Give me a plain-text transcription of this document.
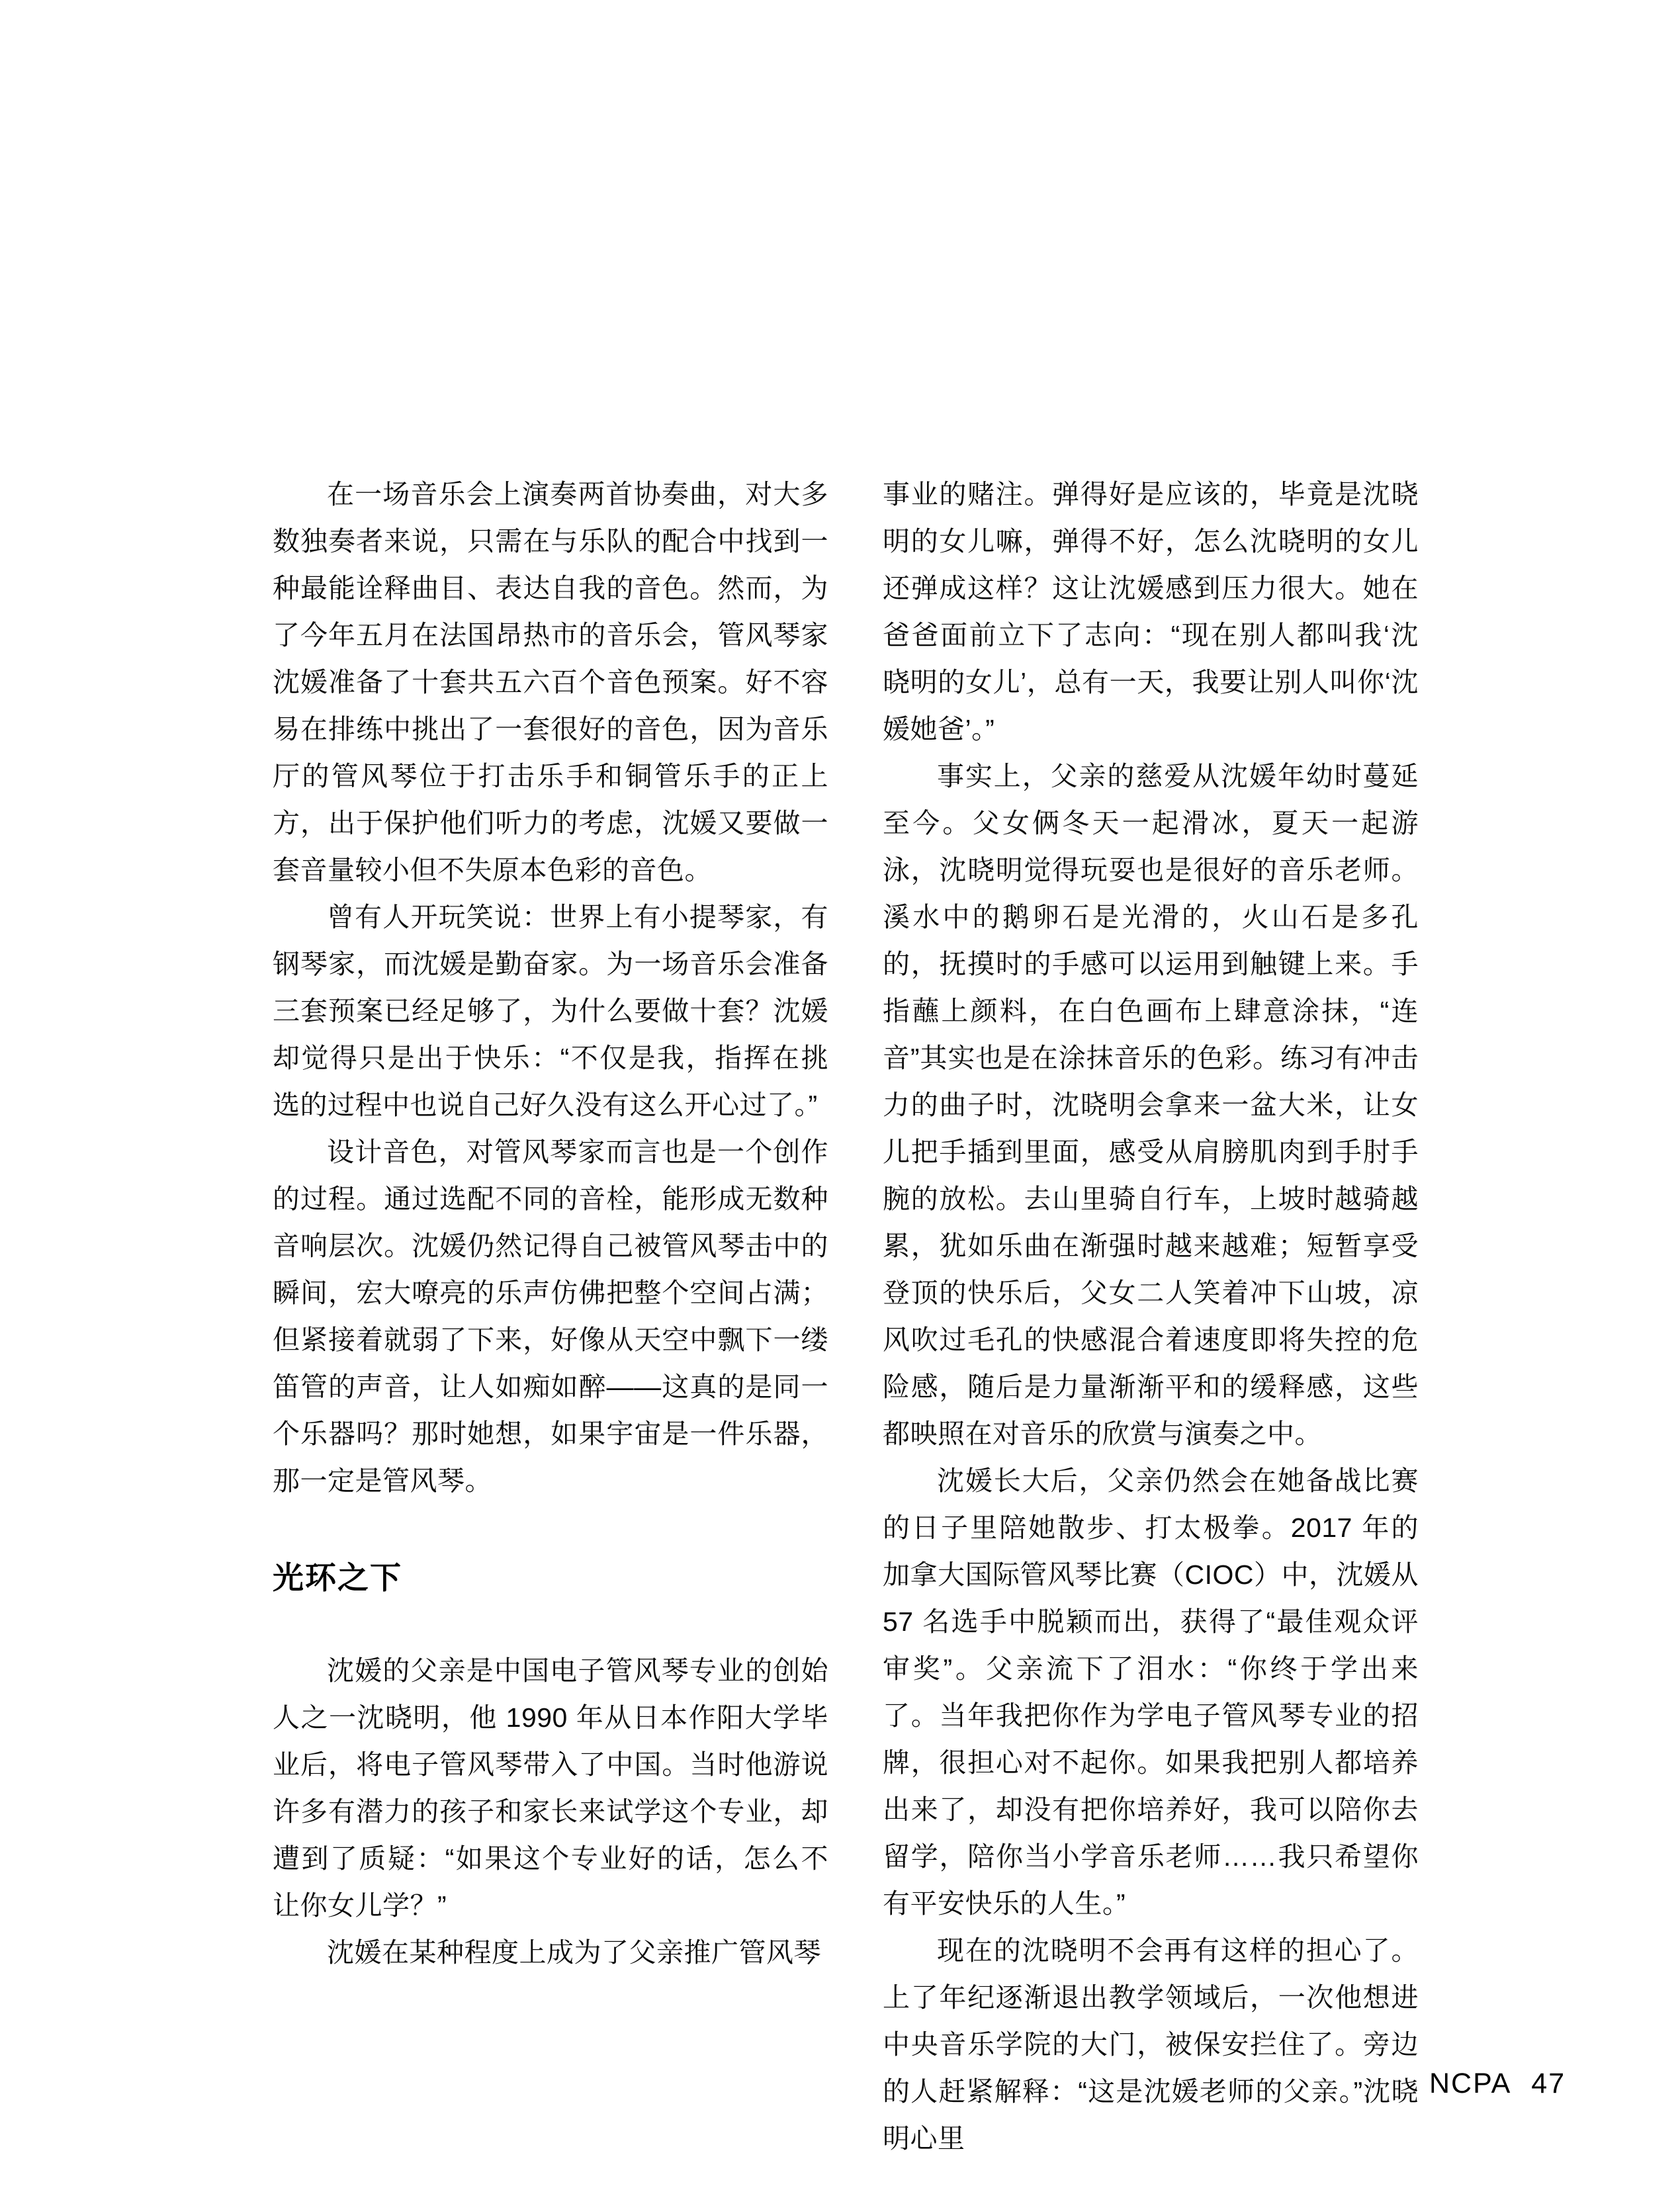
在一场音乐会上演奏两首协奏曲，对大多数独奏者来说，只需在与乐队的配合中找到一种最能诠释曲目、表达自我的音色。然而，为了今年五月在法国昂热市的音乐会，管风琴家沈媛准备了十套共五六百个音色预案。好不容易在排练中挑出了一套很好的音色，因为音乐厅的管风琴位于打击乐手和铜管乐手的正上方，出于保护他们听力的考虑，沈媛又要做一套音量较小但不失原本色彩的音色。

曾有人开玩笑说：世界上有小提琴家，有钢琴家，而沈媛是勤奋家。为一场音乐会准备三套预案已经足够了，为什么要做十套？沈媛却觉得只是出于快乐：“不仅是我，指挥在挑选的过程中也说自己好久没有这么开心过了。”

设计音色，对管风琴家而言也是一个创作的过程。通过选配不同的音栓，能形成无数种音响层次。沈媛仍然记得自己被管风琴击中的瞬间，宏大嘹亮的乐声仿佛把整个空间占满；但紧接着就弱了下来，好像从天空中飘下一缕笛管的声音，让人如痴如醉——这真的是同一个乐器吗？那时她想，如果宇宙是一件乐器，那一定是管风琴。

光环之下

沈媛的父亲是中国电子管风琴专业的创始人之一沈晓明，他 1990 年从日本作阳大学毕业后，将电子管风琴带入了中国。当时他游说许多有潜力的孩子和家长来试学这个专业，却遭到了质疑：“如果这个专业好的话，怎么不让你女儿学？”

沈媛在某种程度上成为了父亲推广管风琴

事业的赌注。弹得好是应该的，毕竟是沈晓明的女儿嘛，弹得不好，怎么沈晓明的女儿还弹成这样？这让沈媛感到压力很大。她在爸爸面前立下了志向：“现在别人都叫我‘沈晓明的女儿’，总有一天，我要让别人叫你‘沈媛她爸’。”

事实上，父亲的慈爱从沈媛年幼时蔓延至今。父女俩冬天一起滑冰，夏天一起游泳，沈晓明觉得玩耍也是很好的音乐老师。溪水中的鹅卵石是光滑的，火山石是多孔的，抚摸时的手感可以运用到触键上来。手指蘸上颜料，在白色画布上肆意涂抹，“连音”其实也是在涂抹音乐的色彩。练习有冲击力的曲子时，沈晓明会拿来一盆大米，让女儿把手插到里面，感受从肩膀肌肉到手肘手腕的放松。去山里骑自行车，上坡时越骑越累，犹如乐曲在渐强时越来越难；短暂享受登顶的快乐后，父女二人笑着冲下山坡，凉风吹过毛孔的快感混合着速度即将失控的危险感，随后是力量渐渐平和的缓释感，这些都映照在对音乐的欣赏与演奏之中。

沈媛长大后，父亲仍然会在她备战比赛的日子里陪她散步、打太极拳。2017 年的加拿大国际管风琴比赛（CIOC）中，沈媛从 57 名选手中脱颖而出，获得了“最佳观众评审奖”。父亲流下了泪水：“你终于学出来了。当年我把你作为学电子管风琴专业的招牌，很担心对不起你。如果我把别人都培养出来了，却没有把你培养好，我可以陪你去留学，陪你当小学音乐老师……我只希望你有平安快乐的人生。”

现在的沈晓明不会再有这样的担心了。上了年纪逐渐退出教学领域后，一次他想进中央音乐学院的大门，被保安拦住了。旁边的人赶紧解释：“这是沈媛老师的父亲。”沈晓明心里

NCPA 47
